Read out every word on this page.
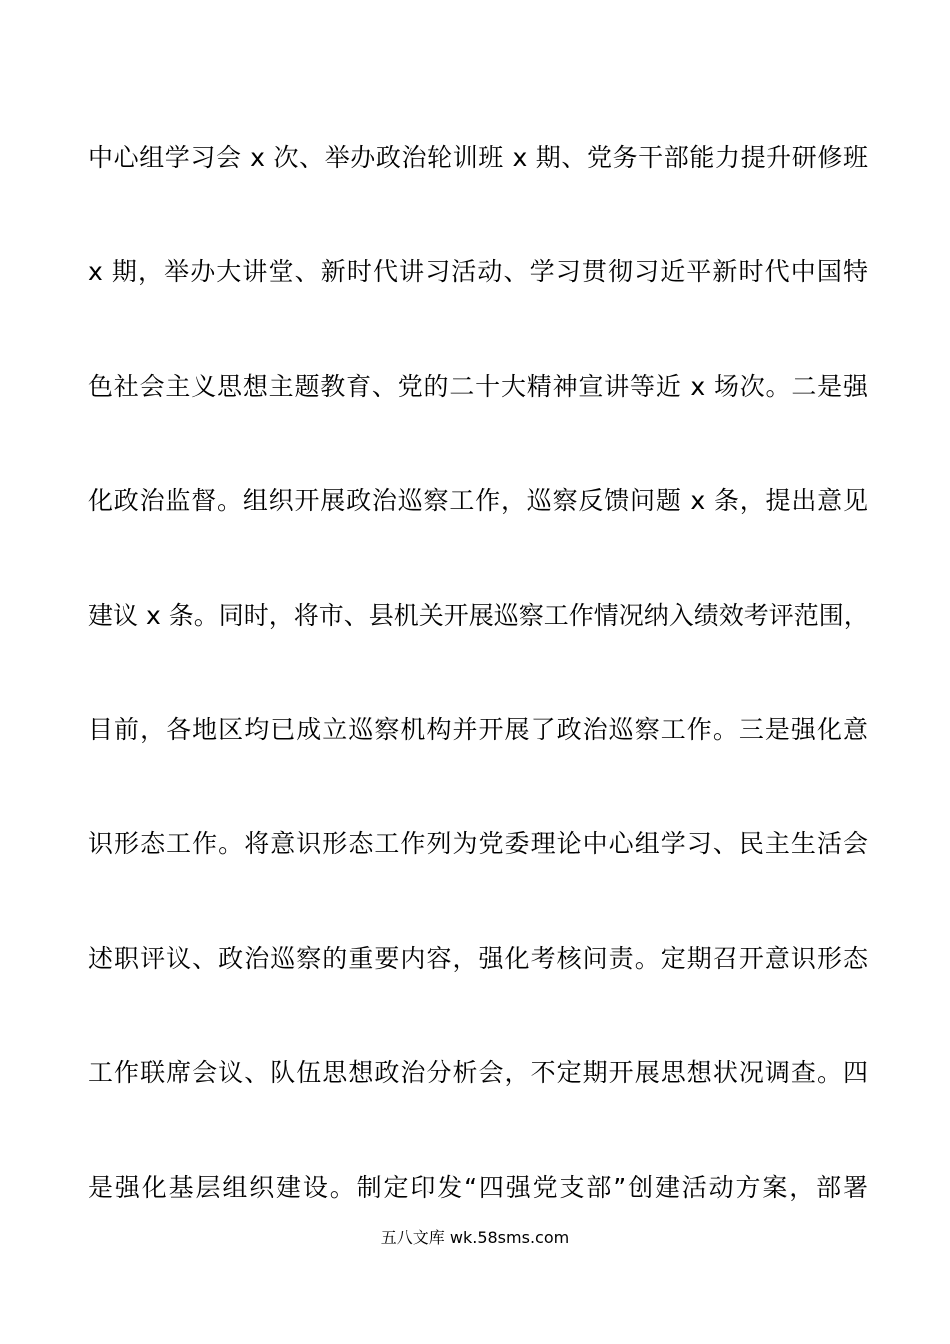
中心组学习会 x 次、举办政治轮训班 x 期、党务干部能力提升研修班
x 期，举办大讲堂、新时代讲习活动、学习贯彻习近平新时代中国特
色社会主义思想主题教育、党的二十大精神宣讲等近 x 场次。二是强
化政治监督。组织开展政治巡察工作，巡察反馈问题 x 条，提出意见
建议 x 条。同时，将市、县机关开展巡察工作情况纳入绩效考评范围，
目前，各地区均已成立巡察机构并开展了政治巡察工作。三是强化意
识形态工作。将意识形态工作列为党委理论中心组学习、民主生活会
述职评议、政治巡察的重要内容，强化考核问责。定期召开意识形态
工作联席会议、队伍思想政治分析会，不定期开展思想状况调查。四
是强化基层组织建设。制定印发“四强党支部”创建活动方案，部署
五八文库 wk.58sms.com
